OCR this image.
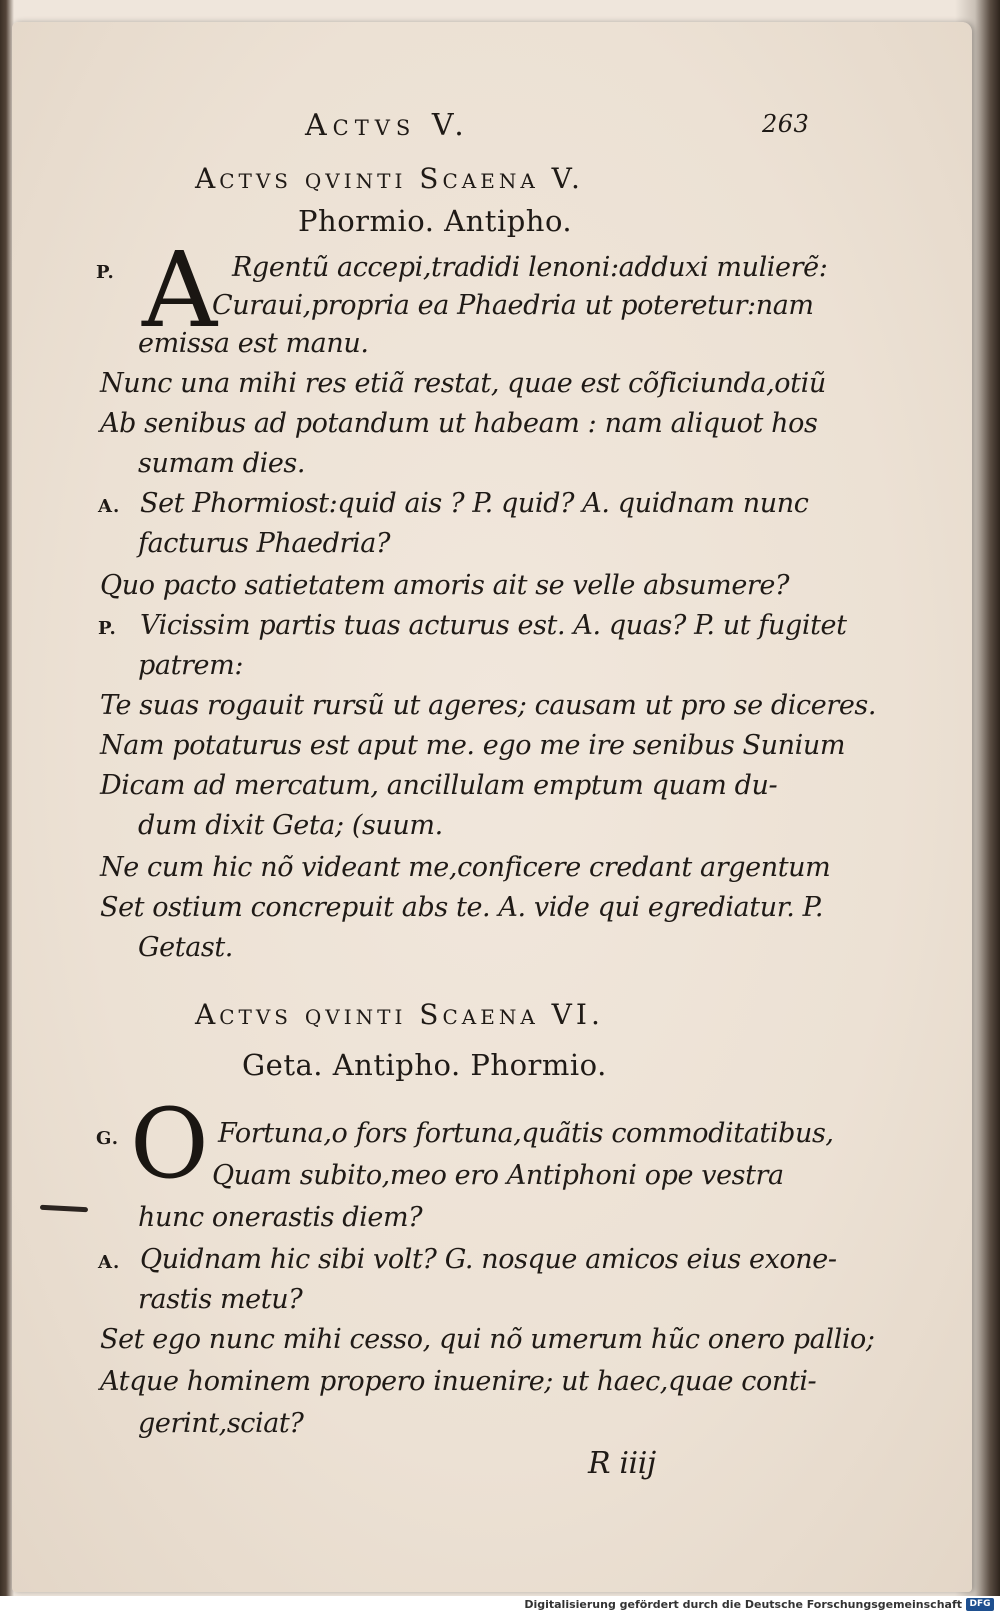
Actvs V.	263
Actvs qvinti Scaena V.
Phormio. Antipho.
A
P.	Rgentũ accepi,tradidi lenoni:adduxi mulierẽ:
Curaui,propria ea Phaedria ut poteretur:nam
emissa est manu.
Nunc una mihi res etiã restat, quae est cõficiunda,otiũ
Ab senibus ad potandum ut habeam : nam aliquot hos
sumam dies.
A. Set Phormiost:quid ais ? P. quid? A. quidnam nunc
facturus Phaedria?
Quo pacto satietatem amoris ait se velle absumere?
P. Vicissim partis tuas acturus est. A. quas? P. ut fugitet
patrem:
Te suas rogauit rursũ ut ageres; causam ut pro se diceres.
Nam potaturus est aput me. ego me ire senibus Sunium
Dicam ad mercatum, ancillulam emptum quam du-
dum dixit Geta; (suum.
Ne cum hic nõ videant me,conficere credant argentum
Set ostium concrepuit abs te. A. vide qui egrediatur. P.
Getast.
Actvs qvinti Scaena VI.
Geta. Antipho. Phormio.
O
G.	Fortuna,o fors fortuna,quãtis commoditatibus,
Quam subito,meo ero Antiphoni ope vestra
hunc onerastis diem?
A. Quidnam hic sibi volt? G. nosque amicos eius exone-
rastis metu?
Set ego nunc mihi cesso, qui nõ umerum hũc onero pallio;
Atque hominem propero inuenire; ut haec,quae conti-
gerint,sciat?
R iiij
Digitalisierung gefördert durch die Deutsche Forschungsgemeinschaft DFG
